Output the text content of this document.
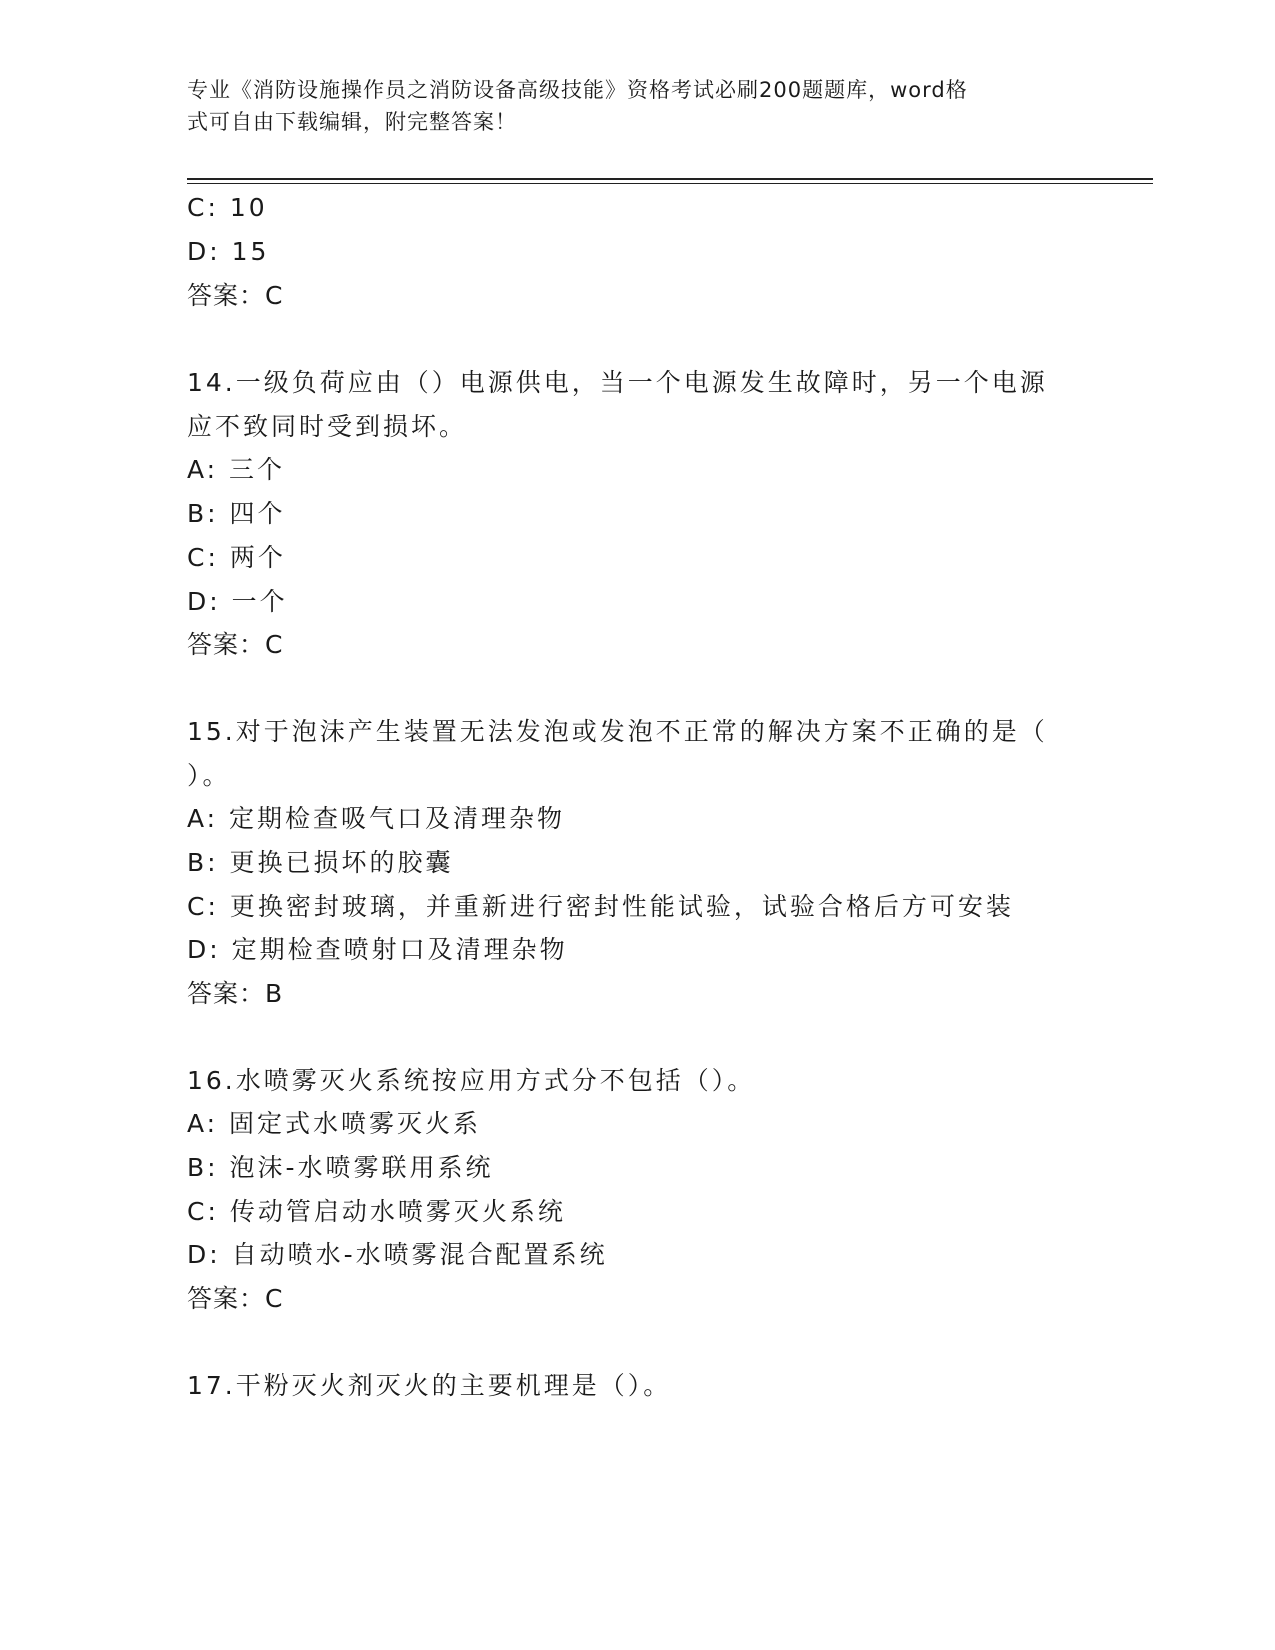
专业《消防设施操作员之消防设备高级技能》资格考试必刷200题题库，word格
式可自由下载编辑，附完整答案！
C: 10
D: 15
答案：C
14.一级负荷应由（）电源供电，当一个电源发生故障时，另一个电源
应不致同时受到损坏。
A: 三个
B: 四个
C: 两个
D: 一个
答案：C
15.对于泡沫产生装置无法发泡或发泡不正常的解决方案不正确的是（
）。
A: 定期检查吸气口及清理杂物
B: 更换已损坏的胶囊
C: 更换密封玻璃，并重新进行密封性能试验，试验合格后方可安装
D: 定期检查喷射口及清理杂物
答案：B
16.水喷雾灭火系统按应用方式分不包括（）。
A: 固定式水喷雾灭火系
B: 泡沫-水喷雾联用系统
C: 传动管启动水喷雾灭火系统
D: 自动喷水-水喷雾混合配置系统
答案：C
17.干粉灭火剂灭火的主要机理是（）。
